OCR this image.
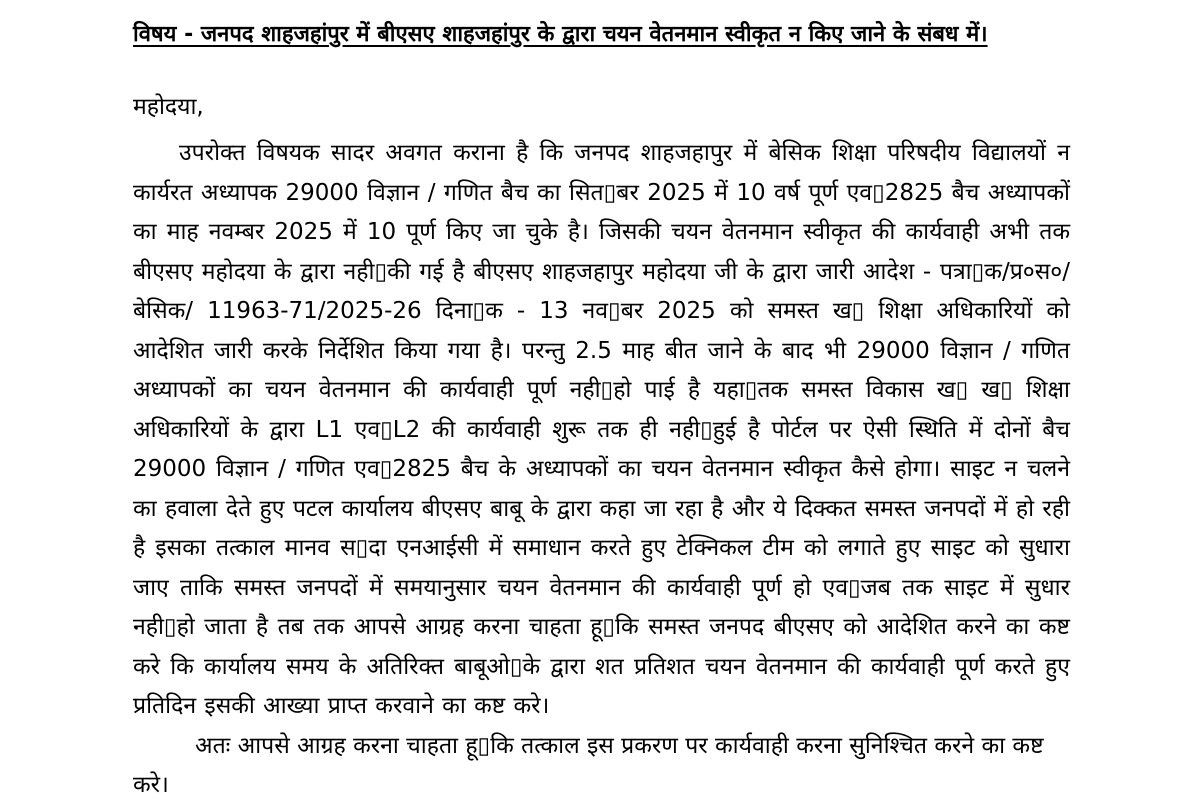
विषय - जनपद शाहजहांपुर में बीएसए शाहजहांपुर के द्वारा चयन वेतनमान स्वीकृत न किए जाने के संबध में।

महोदया,

उपरोक्त विषयक सादर अवगत कराना है कि जनपद शाहजहापुर में बेसिक शिक्षा परिषदीय विद्यालयों न कार्यरत अध्यापक 29000 विज्ञान / गणित बैच का सित▯बर 2025 में 10 वर्ष पूर्ण एव▯2825 बैच अध्यापकों का माह नवम्बर 2025 में 10 पूर्ण किए जा चुके है। जिसकी चयन वेतनमान स्वीकृत की कार्यवाही अभी तक बीएसए महोदया के द्वारा नही▯की गई है बीएसए शाहजहापुर महोदया जी के द्वारा जारी आदेश - पत्रा▯क/प्र०स०/बेसिक/ 11963-71/2025-26 दिना▯क - 13 नव▯बर 2025 को समस्त ख▯ शिक्षा अधिकारियों को आदेशित जारी करके निर्देशित किया गया है। परन्तु 2.5 माह बीत जाने के बाद भी 29000 विज्ञान / गणित अध्यापकों का चयन वेतनमान की कार्यवाही पूर्ण नही▯हो पाई है यहा▯तक समस्त विकास ख▯ ख▯ शिक्षा अधिकारियों के द्वारा L1 एव▯L2 की कार्यवाही शुरू तक ही नही▯हुई है पोर्टल पर ऐसी स्थिति में दोनों बैच 29000 विज्ञान / गणित एव▯2825 बैच के अध्यापकों का चयन वेतनमान स्वीकृत कैसे होगा। साइट न चलने का हवाला देते हुए पटल कार्यालय बीएसए बाबू के द्वारा कहा जा रहा है और ये दिक्कत समस्त जनपदों में हो रही है इसका तत्काल मानव स▯दा एनआईसी में समाधान करते हुए टेक्निकल टीम को लगाते हुए साइट को सुधारा जाए ताकि समस्त जनपदों में समयानुसार चयन वेतनमान की कार्यवाही पूर्ण हो एव▯जब तक साइट में सुधार नही▯हो जाता है तब तक आपसे आग्रह करना चाहता हू▯कि समस्त जनपद बीएसए को आदेशित करने का कष्ट करे कि कार्यालय समय के अतिरिक्त बाबूओ▯के द्वारा शत प्रतिशत चयन वेतनमान की कार्यवाही पूर्ण करते हुए प्रतिदिन इसकी आख्या प्राप्त करवाने का कष्ट करे।

अतः आपसे आग्रह करना चाहता हू▯कि तत्काल इस प्रकरण पर कार्यवाही करना सुनिश्चित करने का कष्ट करे।
